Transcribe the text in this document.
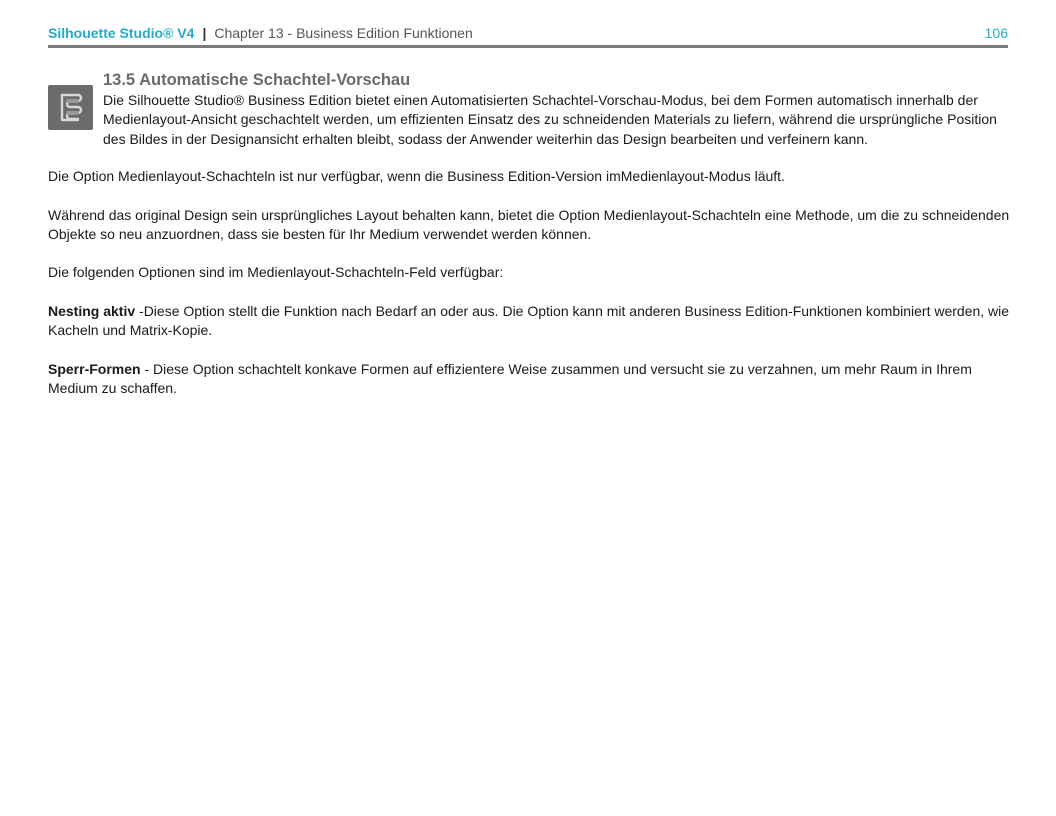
Silhouette Studio® V4 | Chapter 13 - Business Edition Funktionen	106
13.5 Automatische Schachtel-Vorschau

Die Silhouette Studio® Business Edition bietet einen Automatisierten Schachtel-Vorschau-Modus, bei dem Formen automatisch innerhalb der Medienlayout-Ansicht geschachtelt werden, um effizienten Einsatz des zu schneidenden Materials zu liefern, während die ursprüngliche Position des Bildes in der Designansicht erhalten bleibt, sodass der Anwender weiterhin das Design bearbeiten und verfeinern kann.

Die Option Medienlayout-Schachteln ist nur verfügbar, wenn die Business Edition-Version imMedienlayout-Modus läuft.

Während das original Design sein ursprüngliches Layout behalten kann, bietet die Option Medienlayout-Schachteln eine Methode, um die zu schneidenden Objekte so neu anzuordnen, dass sie besten für Ihr Medium verwendet werden können.

Die folgenden Optionen sind im Medienlayout-Schachteln-Feld verfügbar:

Nesting aktiv -Diese Option stellt die Funktion nach Bedarf an oder aus. Die Option kann mit anderen Business Edition-Funktionen kombiniert werden, wie Kacheln und Matrix-Kopie.

Sperr-Formen - Diese Option schachtelt konkave Formen auf effizientere Weise zusammen und versucht sie zu verzahnen, um mehr Raum in Ihrem Medium zu schaffen.
